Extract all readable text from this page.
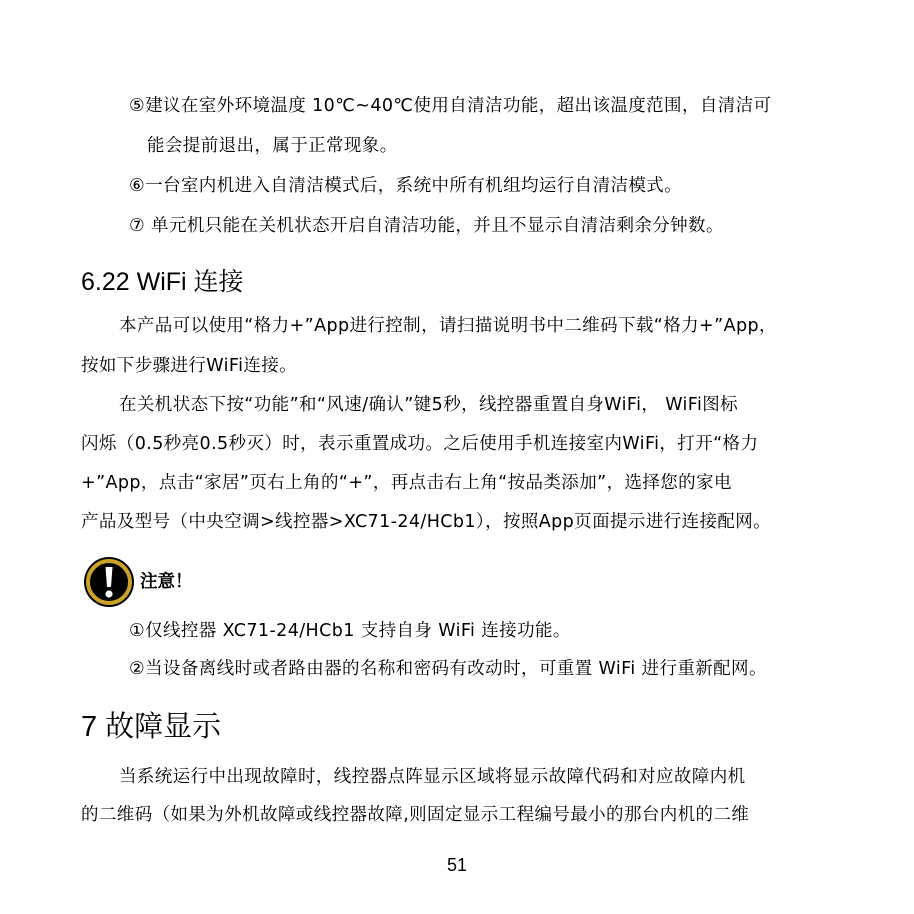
⑤建议在室外环境温度 10℃~40℃使用自清洁功能，超出该温度范围，自清洁可
能会提前退出，属于正常现象。
⑥一台室内机进入自清洁模式后，系统中所有机组均运行自清洁模式。
⑦ 单元机只能在关机状态开启自清洁功能，并且不显示自清洁剩余分钟数。
6.22 WiFi 连接
本产品可以使用“格力+”App进行控制，请扫描说明书中二维码下载“格力+”App，
按如下步骤进行WiFi连接。
在关机状态下按“功能”和“风速/确认”键5秒，线控器重置自身WiFi， WiFi图标
闪烁（0.5秒亮0.5秒灭）时，表示重置成功。之后使用手机连接室内WiFi，打开“格力
+”App，点击“家居”页右上角的“+”，再点击右上角“按品类添加”，选择您的家电
产品及型号（中央空调>线控器>XC71-24/HCb1），按照App页面提示进行连接配网。
注意！
①仅线控器 XC71-24/HCb1 支持自身 WiFi 连接功能。
②当设备离线时或者路由器的名称和密码有改动时，可重置 WiFi 进行重新配网。
7 故障显示
当系统运行中出现故障时，线控器点阵显示区域将显示故障代码和对应故障内机
的二维码（如果为外机故障或线控器故障,则固定显示工程编号最小的那台内机的二维
51
